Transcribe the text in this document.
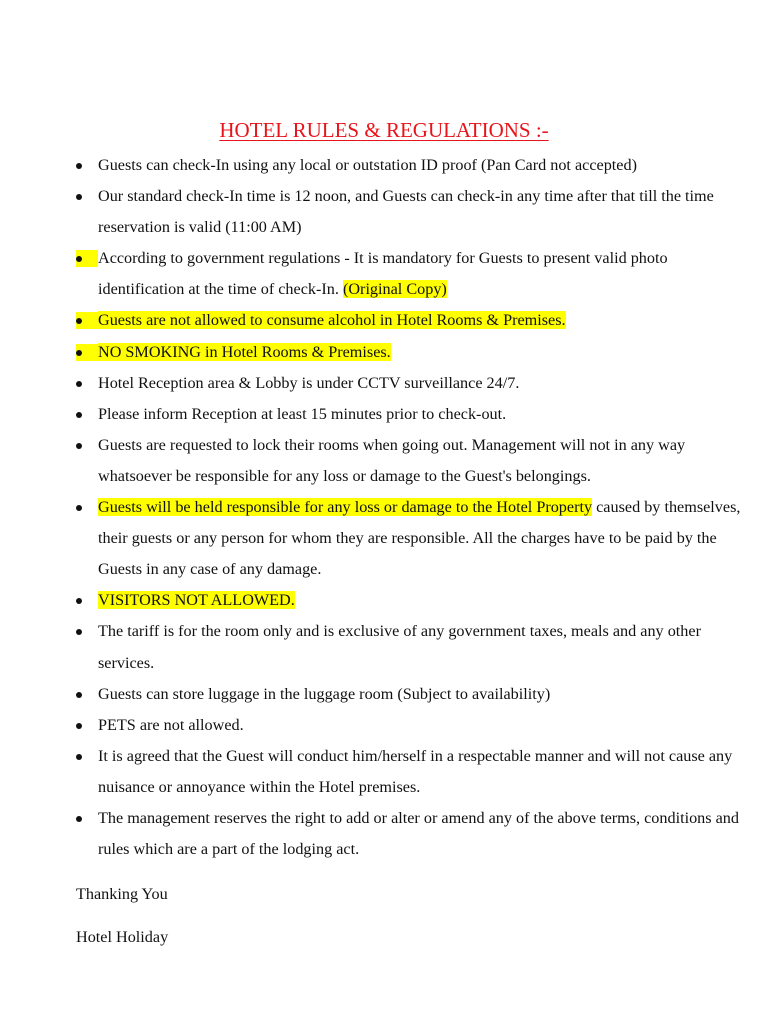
HOTEL RULES & REGULATIONS :-
Guests can check-In using any local or outstation ID proof (Pan Card not accepted)
Our standard check-In time is 12 noon, and Guests can check-in any time after that till the time reservation is valid (11:00 AM)
According to government regulations - It is mandatory for Guests to present valid photo identification at the time of check-In. (Original Copy)
Guests are not allowed to consume alcohol in Hotel Rooms & Premises.
NO SMOKING in Hotel Rooms & Premises.
Hotel Reception area & Lobby is under CCTV surveillance 24/7.
Please inform Reception at least 15 minutes prior to check-out.
Guests are requested to lock their rooms when going out. Management will not in any way whatsoever be responsible for any loss or damage to the Guest's belongings.
Guests will be held responsible for any loss or damage to the Hotel Property caused by themselves, their guests or any person for whom they are responsible. All the charges have to be paid by the Guests in any case of any damage.
VISITORS NOT ALLOWED.
The tariff is for the room only and is exclusive of any government taxes, meals and any other services.
Guests can store luggage in the luggage room (Subject to availability)
PETS are not allowed.
It is agreed that the Guest will conduct him/herself in a respectable manner and will not cause any nuisance or annoyance within the Hotel premises.
The management reserves the right to add or alter or amend any of the above terms, conditions and rules which are a part of the lodging act.

Thanking You

Hotel Holiday
